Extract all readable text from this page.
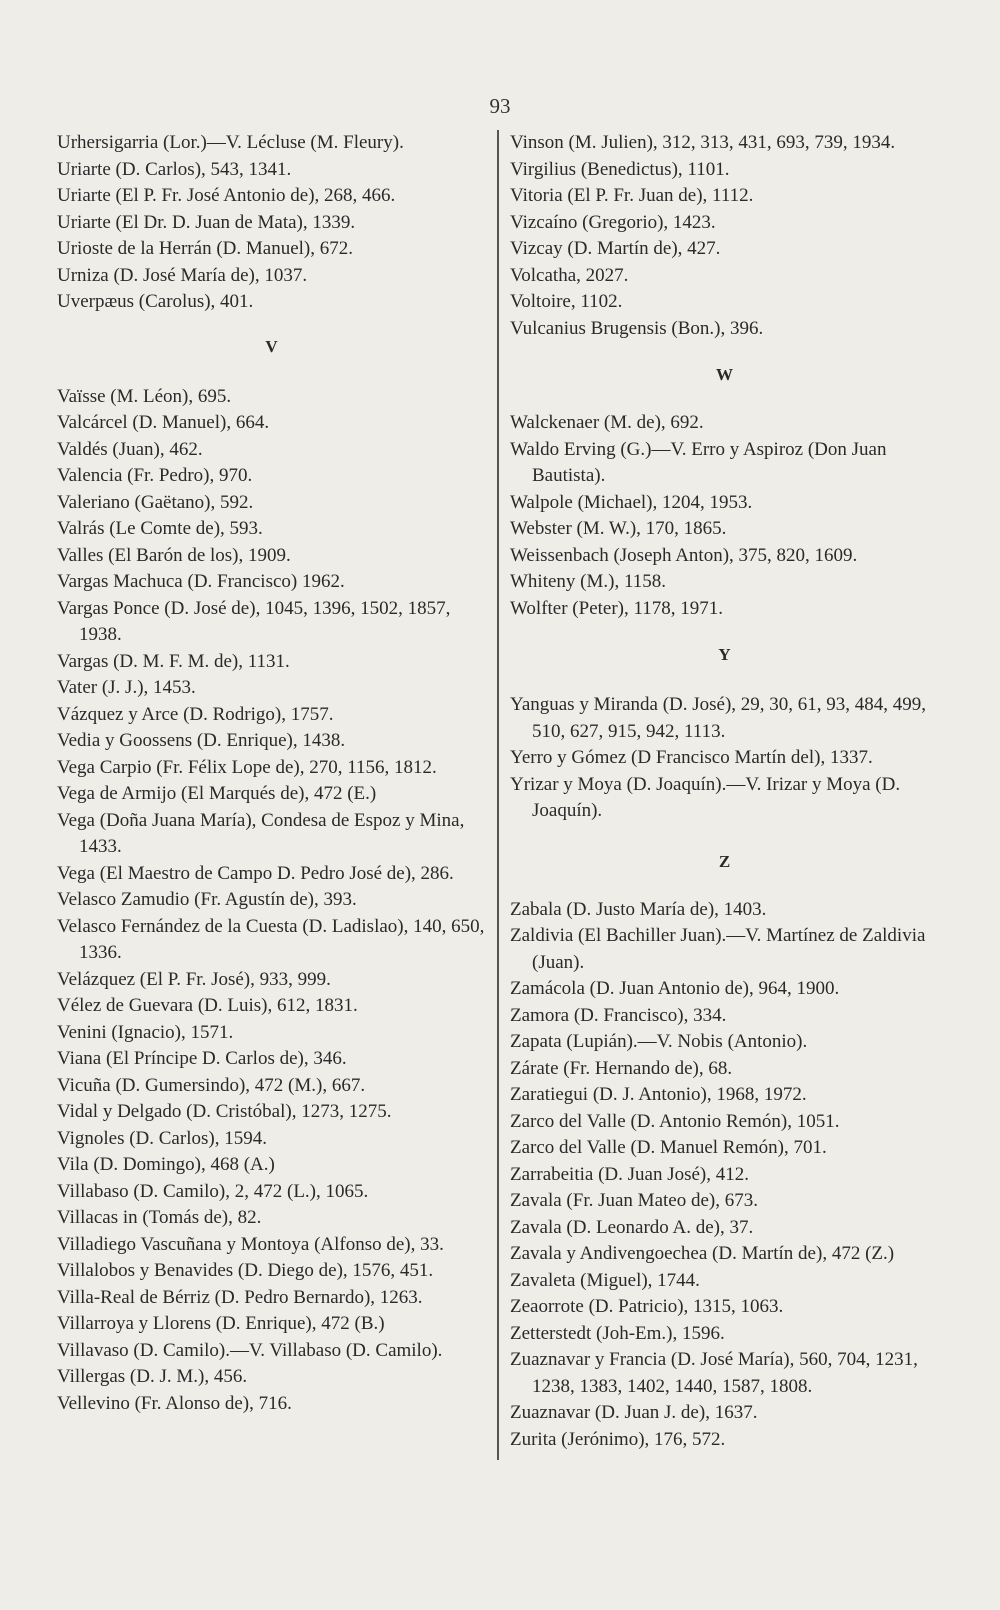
93
Urhersigarria (Lor.)—V. Lécluse (M. Fleury).
Uriarte (D. Carlos), 543, 1341.
Uriarte (El P. Fr. José Antonio de), 268, 466.
Uriarte (El Dr. D. Juan de Mata), 1339.
Urioste de la Herrán (D. Manuel), 672.
Urniza (D. José María de), 1037.
Uverpæus (Carolus), 401.
V
Vaïsse (M. Léon), 695.
Valcárcel (D. Manuel), 664.
Valdés (Juan), 462.
Valencia (Fr. Pedro), 970.
Valeriano (Gaëtano), 592.
Valrás (Le Comte de), 593.
Valles (El Barón de los), 1909.
Vargas Machuca (D. Francisco) 1962.
Vargas Ponce (D. José de), 1045, 1396, 1502, 1857, 1938.
Vargas (D. M. F. M. de), 1131.
Vater (J. J.), 1453.
Vázquez y Arce (D. Rodrigo), 1757.
Vedia y Goossens (D. Enrique), 1438.
Vega Carpio (Fr. Félix Lope de), 270, 1156, 1812.
Vega de Armijo (El Marqués de), 472 (E.)
Vega (Doña Juana María), Condesa de Espoz y Mina, 1433.
Vega (El Maestro de Campo D. Pedro José de), 286.
Velasco Zamudio (Fr. Agustín de), 393.
Velasco Fernández de la Cuesta (D. Ladislao), 140, 650, 1336.
Velázquez (El P. Fr. José), 933, 999.
Vélez de Guevara (D. Luis), 612, 1831.
Venini (Ignacio), 1571.
Viana (El Príncipe D. Carlos de), 346.
Vicuña (D. Gumersindo), 472 (M.), 667.
Vidal y Delgado (D. Cristóbal), 1273, 1275.
Vignoles (D. Carlos), 1594.
Vila (D. Domingo), 468 (A.)
Villabaso (D. Camilo), 2, 472 (L.), 1065.
Villacas in (Tomás de), 82.
Villadiego Vascuñana y Montoya (Alfonso de), 33.
Villalobos y Benavides (D. Diego de), 1576, 451.
Villa-Real de Bérriz (D. Pedro Bernardo), 1263.
Villarroya y Llorens (D. Enrique), 472 (B.)
Villavaso (D. Camilo).—V. Villabaso (D. Camilo).
Villergas (D. J. M.), 456.
Vellevino (Fr. Alonso de), 716.
Vinson (M. Julien), 312, 313, 431, 693, 739, 1934.
Virgilius (Benedictus), 1101.
Vitoria (El P. Fr. Juan de), 1112.
Vizcaíno (Gregorio), 1423.
Vizcay (D. Martín de), 427.
Volcatha, 2027.
Voltoire, 1102.
Vulcanius Brugensis (Bon.), 396.
W
Walckenaer (M. de), 692.
Waldo Erving (G.)—V. Erro y Aspiroz (Don Juan Bautista).
Walpole (Michael), 1204, 1953.
Webster (M. W.), 170, 1865.
Weissenbach (Joseph Anton), 375, 820, 1609.
Whiteny (M.), 1158.
Wolfter (Peter), 1178, 1971.
Y
Yanguas y Miranda (D. José), 29, 30, 61, 93, 484, 499, 510, 627, 915, 942, 1113.
Yerro y Gómez (D Francisco Martín del), 1337.
Yrizar y Moya (D. Joaquín).—V. Irizar y Moya (D. Joaquín).
Z
Zabala (D. Justo María de), 1403.
Zaldivia (El Bachiller Juan).—V. Martínez de Zaldivia (Juan).
Zamácola (D. Juan Antonio de), 964, 1900.
Zamora (D. Francisco), 334.
Zapata (Lupián).—V. Nobis (Antonio).
Zárate (Fr. Hernando de), 68.
Zaratiegui (D. J. Antonio), 1968, 1972.
Zarco del Valle (D. Antonio Remón), 1051.
Zarco del Valle (D. Manuel Remón), 701.
Zarrabeitia (D. Juan José), 412.
Zavala (Fr. Juan Mateo de), 673.
Zavala (D. Leonardo A. de), 37.
Zavala y Andivengoechea (D. Martín de), 472 (Z.)
Zavaleta (Miguel), 1744.
Zeaorrote (D. Patricio), 1315, 1063.
Zetterstedt (Joh-Em.), 1596.
Zuaznavar y Francia (D. José María), 560, 704, 1231, 1238, 1383, 1402, 1440, 1587, 1808.
Zuaznavar (D. Juan J. de), 1637.
Zurita (Jerónimo), 176, 572.
